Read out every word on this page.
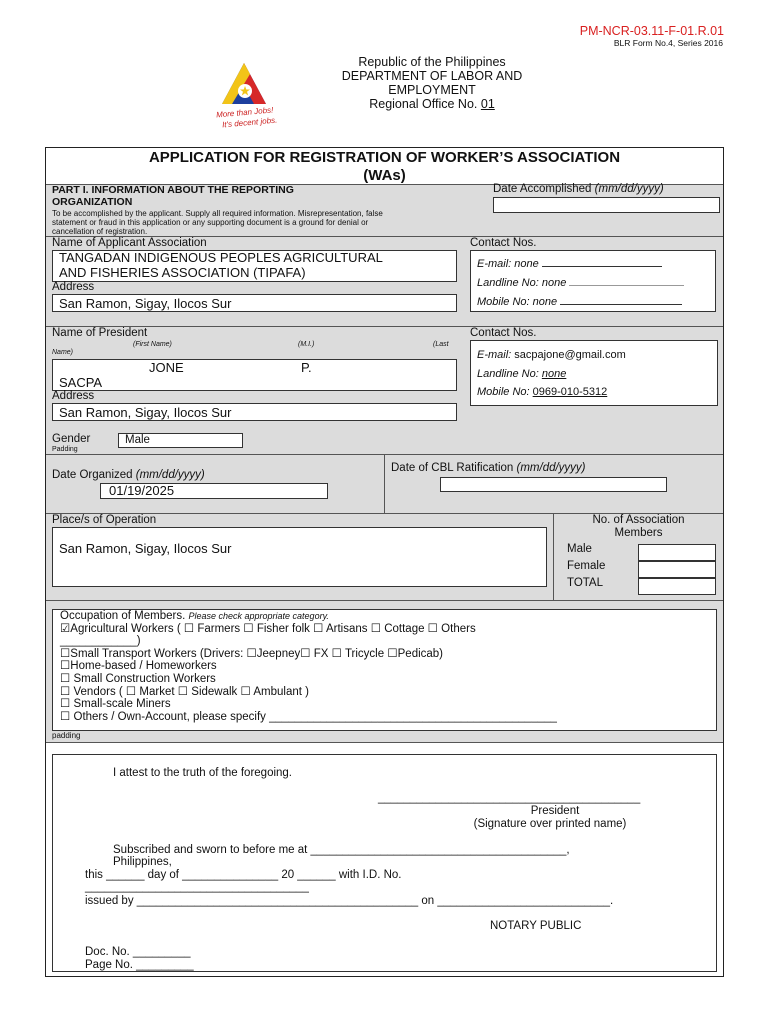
PM-NCR-03.11-F-01.R.01
BLR Form No.4, Series 2016
More than Jobs!
It's decent jobs.
Republic of the Philippines
DEPARTMENT OF LABOR AND
EMPLOYMENT
Regional Office No. 01
APPLICATION FOR REGISTRATION OF WORKER’S ASSOCIATION
(WAs)
PART I. INFORMATION ABOUT THE REPORTING
ORGANIZATION
To be accomplished by the applicant. Supply all required information. Misrepresentation, false
statement or fraud in this application or any supporting document is a ground for denial or
cancellation of registration.
Date Accomplished (mm/dd/yyyy)
Name of Applicant Association
TANGADAN INDIGENOUS PEOPLES AGRICULTURAL
AND FISHERIES ASSOCIATION (TIPAFA)
Address
San Ramon, Sigay, Ilocos Sur
Contact Nos.
E-mail: none
Landline No: none
Mobile No: none
Name of President
(First Name)	(M.I.)	(Last
Name)
JONE	P.
SACPA
Address
San Ramon, Sigay, Ilocos Sur
Gender
Padding
Male
Contact Nos.
E-mail: sacpajone@gmail.com
Landline No: none
Mobile No: 0969-010-5312
Date Organized (mm/dd/yyyy)
01/19/2025
Date of CBL Ratification (mm/dd/yyyy)
Place/s of Operation
San Ramon, Sigay, Ilocos Sur
No. of Association
Members
Male
Female
TOTAL
Occupation of Members. Please check appropriate category.
☑Agricultural Workers ( ☐ Farmers ☐ Fisher folk ☐ Artisans ☐ Cottage ☐ Others
____________)
☐Small Transport Workers (Drivers: ☐Jeepney☐ FX ☐ Tricycle ☐Pedicab)
☐Home-based / Homeworkers
☐ Small Construction Workers
☐ Vendors ( ☐ Market ☐ Sidewalk ☐ Ambulant )
☐ Small-scale Miners
☐ Others / Own-Account, please specify _____________________________________________
padding
I attest to the truth of the foregoing.
_________________________________________
President
(Signature over printed name)
Subscribed and sworn to before me at ________________________________________,
Philippines,
this ______ day of _______________ 20 ______ with I.D. No.
___________________________________
issued by ____________________________________________ on ___________________________.
NOTARY PUBLIC
Doc. No. _________
Page No. _________
